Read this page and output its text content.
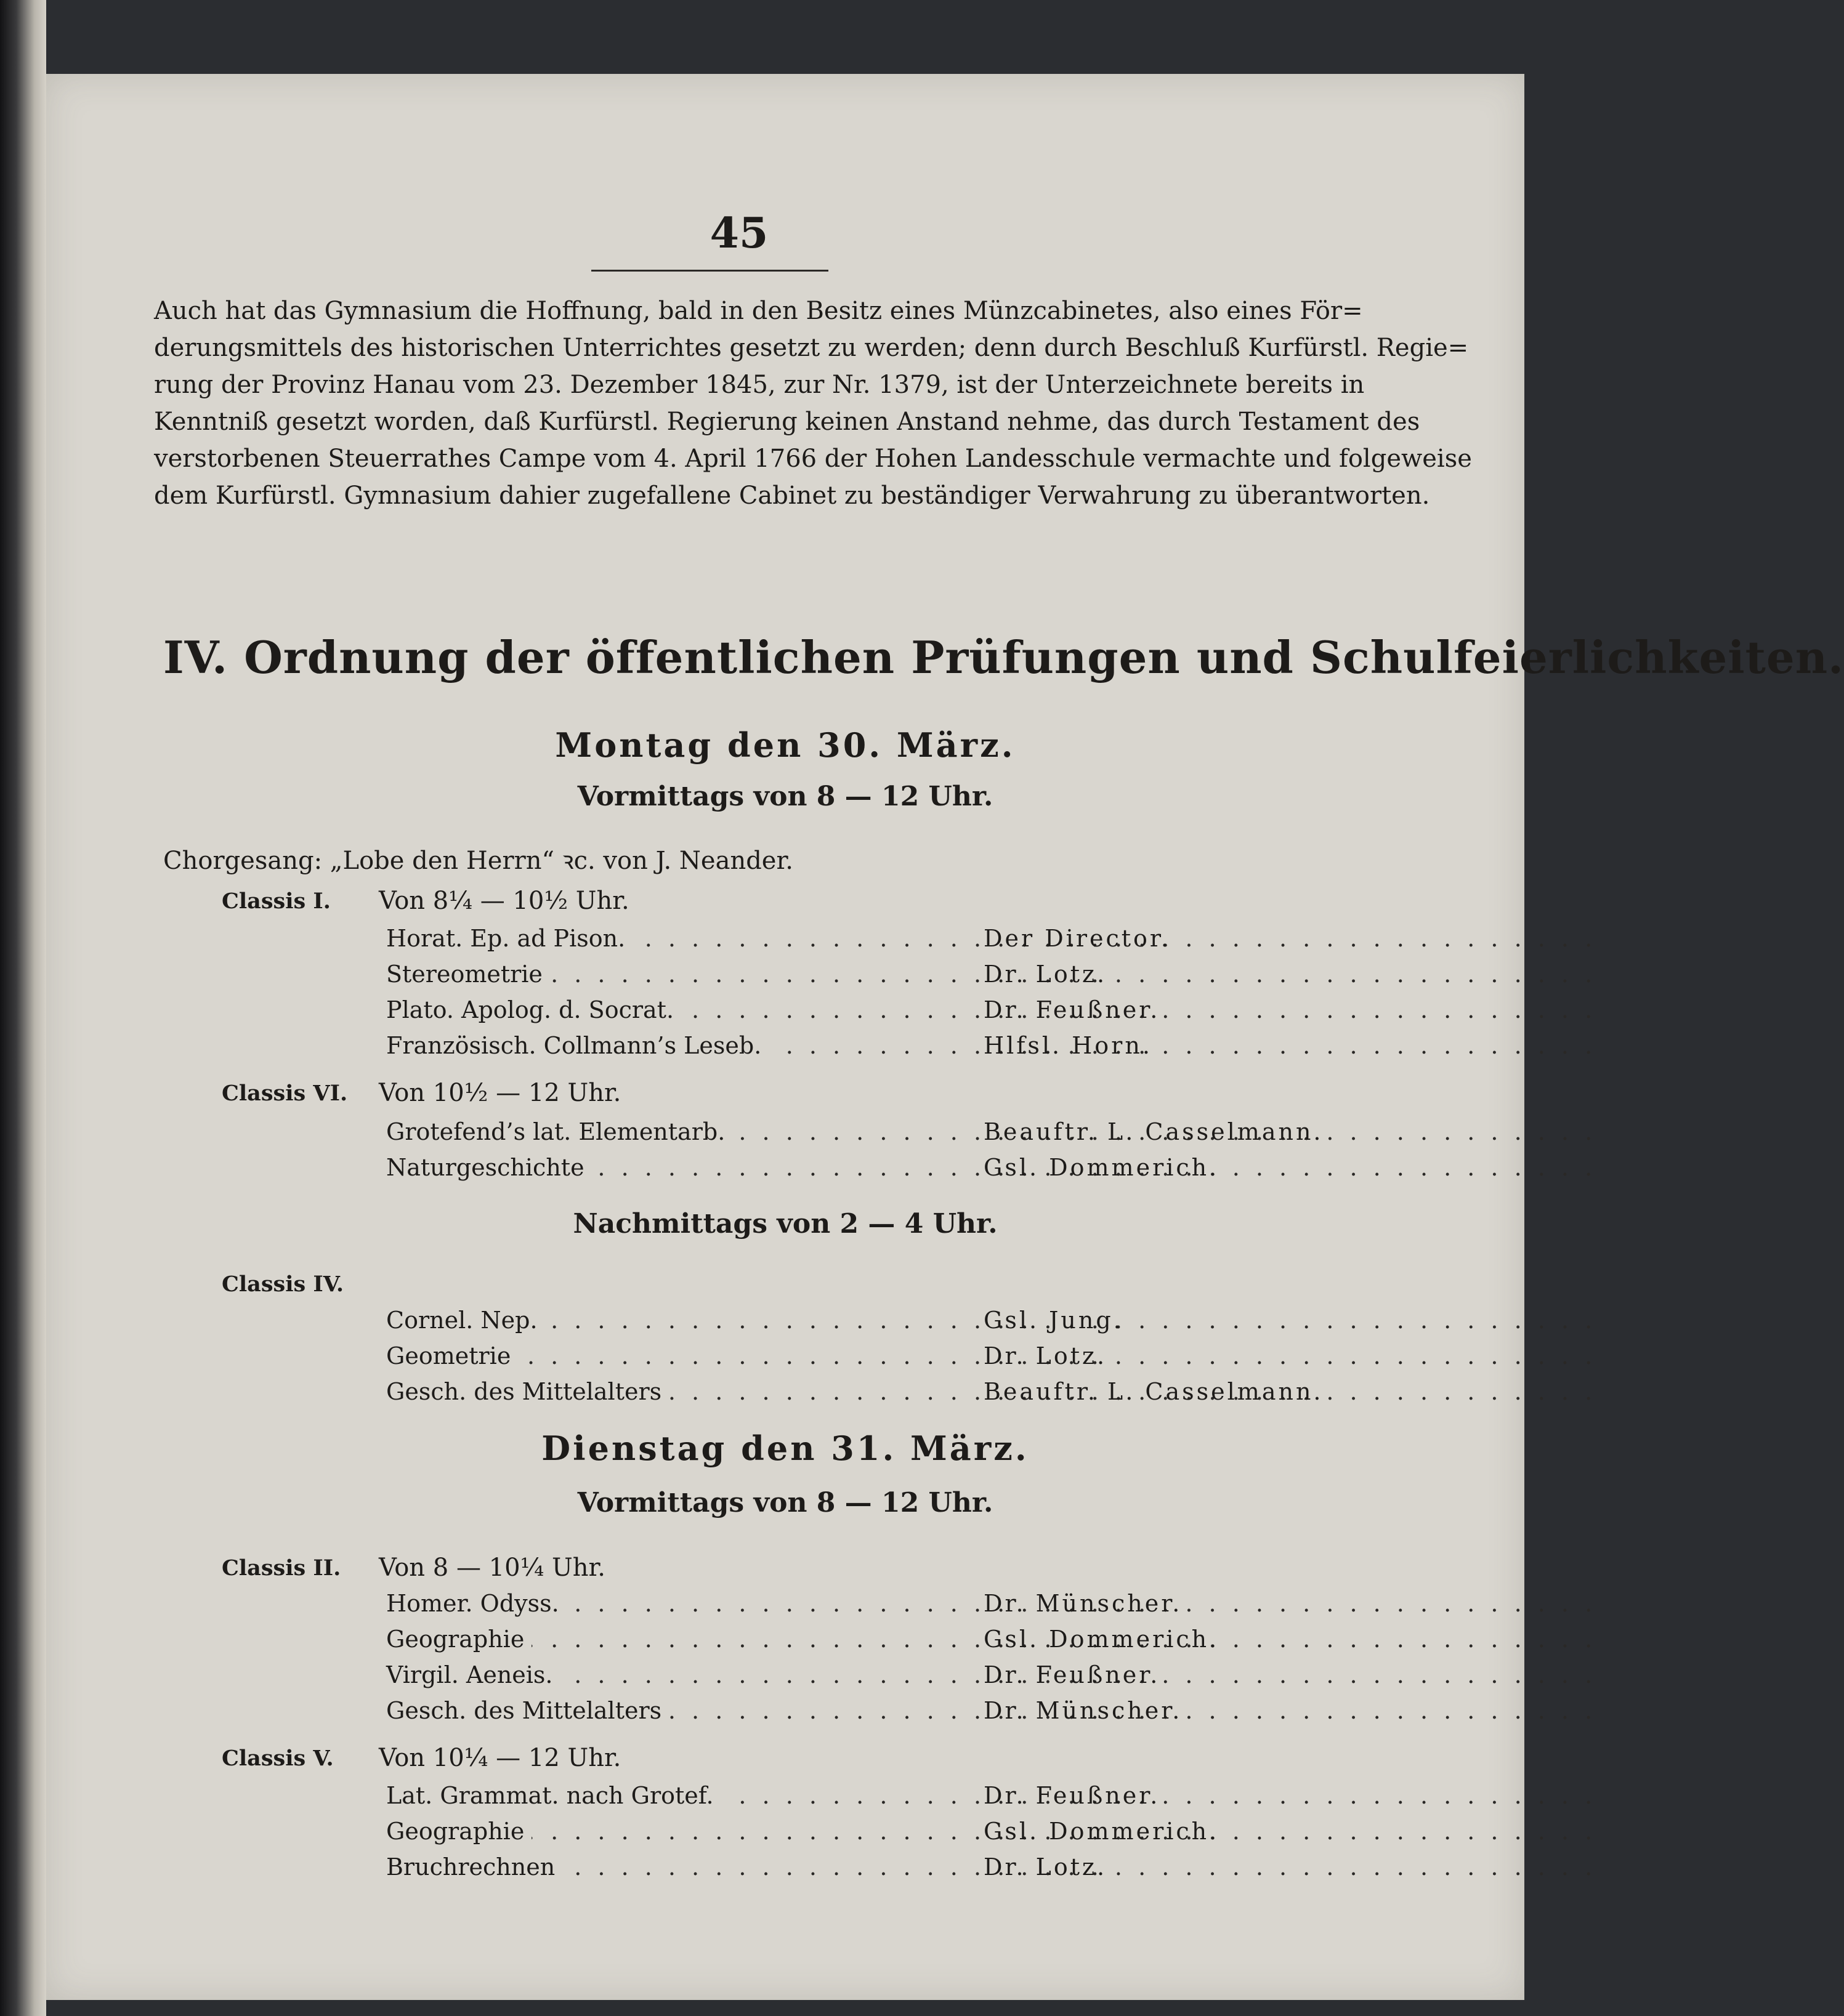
45
Auch hat das Gymnasium die Hoffnung, bald in den Besitz eines Münzcabinetes, also eines För=
derungsmittels des historischen Unterrichtes gesetzt zu werden; denn durch Beschluß Kurfürstl. Regie=
rung der Provinz Hanau vom 23. Dezember 1845, zur Nr. 1379, ist der Unterzeichnete bereits in
Kenntniß gesetzt worden, daß Kurfürstl. Regierung keinen Anstand nehme, das durch Testament des
verstorbenen Steuerrathes Campe vom 4. April 1766 der Hohen Landesschule vermachte und folgeweise
dem Kurfürstl. Gymnasium dahier zugefallene Cabinet zu beständiger Verwahrung zu überantworten.
IV. Ordnung der öffentlichen Prüfungen und Schulfeierlichkeiten.
Montag den 30. März.
Vormittags von 8 — 12 Uhr.
Chorgesang: „Lobe den Herrn“ ꝛc. von J. Neander.
Classis I. Von 8¼ — 10½ Uhr.
Horat. Ep. ad Pison. . . .	Der Director.
Stereometrie . . .	Dr. Lotz.
Plato. Apolog. d. Socrat. . . .	Dr. Feußner.
Französisch. Collmann’s Leseb. . . .	Hlfsl. Horn.
Classis VI. Von 10½ — 12 Uhr.
Grotefend’s lat. Elementarb. . . .	Beauftr. L. Casselmann.
Naturgeschichte . . .	Gsl. Dommerich.
Nachmittags von 2 — 4 Uhr.
Classis IV.
Cornel. Nep. . . .	Gsl. Jung.
Geometrie . . .	Dr. Lotz.
Gesch. des Mittelalters . . .	Beauftr. L. Casselmann.
Dienstag den 31. März.
Vormittags von 8 — 12 Uhr.
Classis II. Von 8 — 10¼ Uhr.
Homer. Odyss. . . .	Dr. Münscher.
Geographie . . .	Gsl. Dommerich.
Virgil. Aeneis. . . .	Dr. Feußner.
Gesch. des Mittelalters . . .	Dr. Münscher.
Classis V. Von 10¼ — 12 Uhr.
Lat. Grammat. nach Grotef. . . .	Dr. Feußner.
Geographie . . .	Gsl. Dommerich.
Bruchrechnen . . .	Dr. Lotz.
